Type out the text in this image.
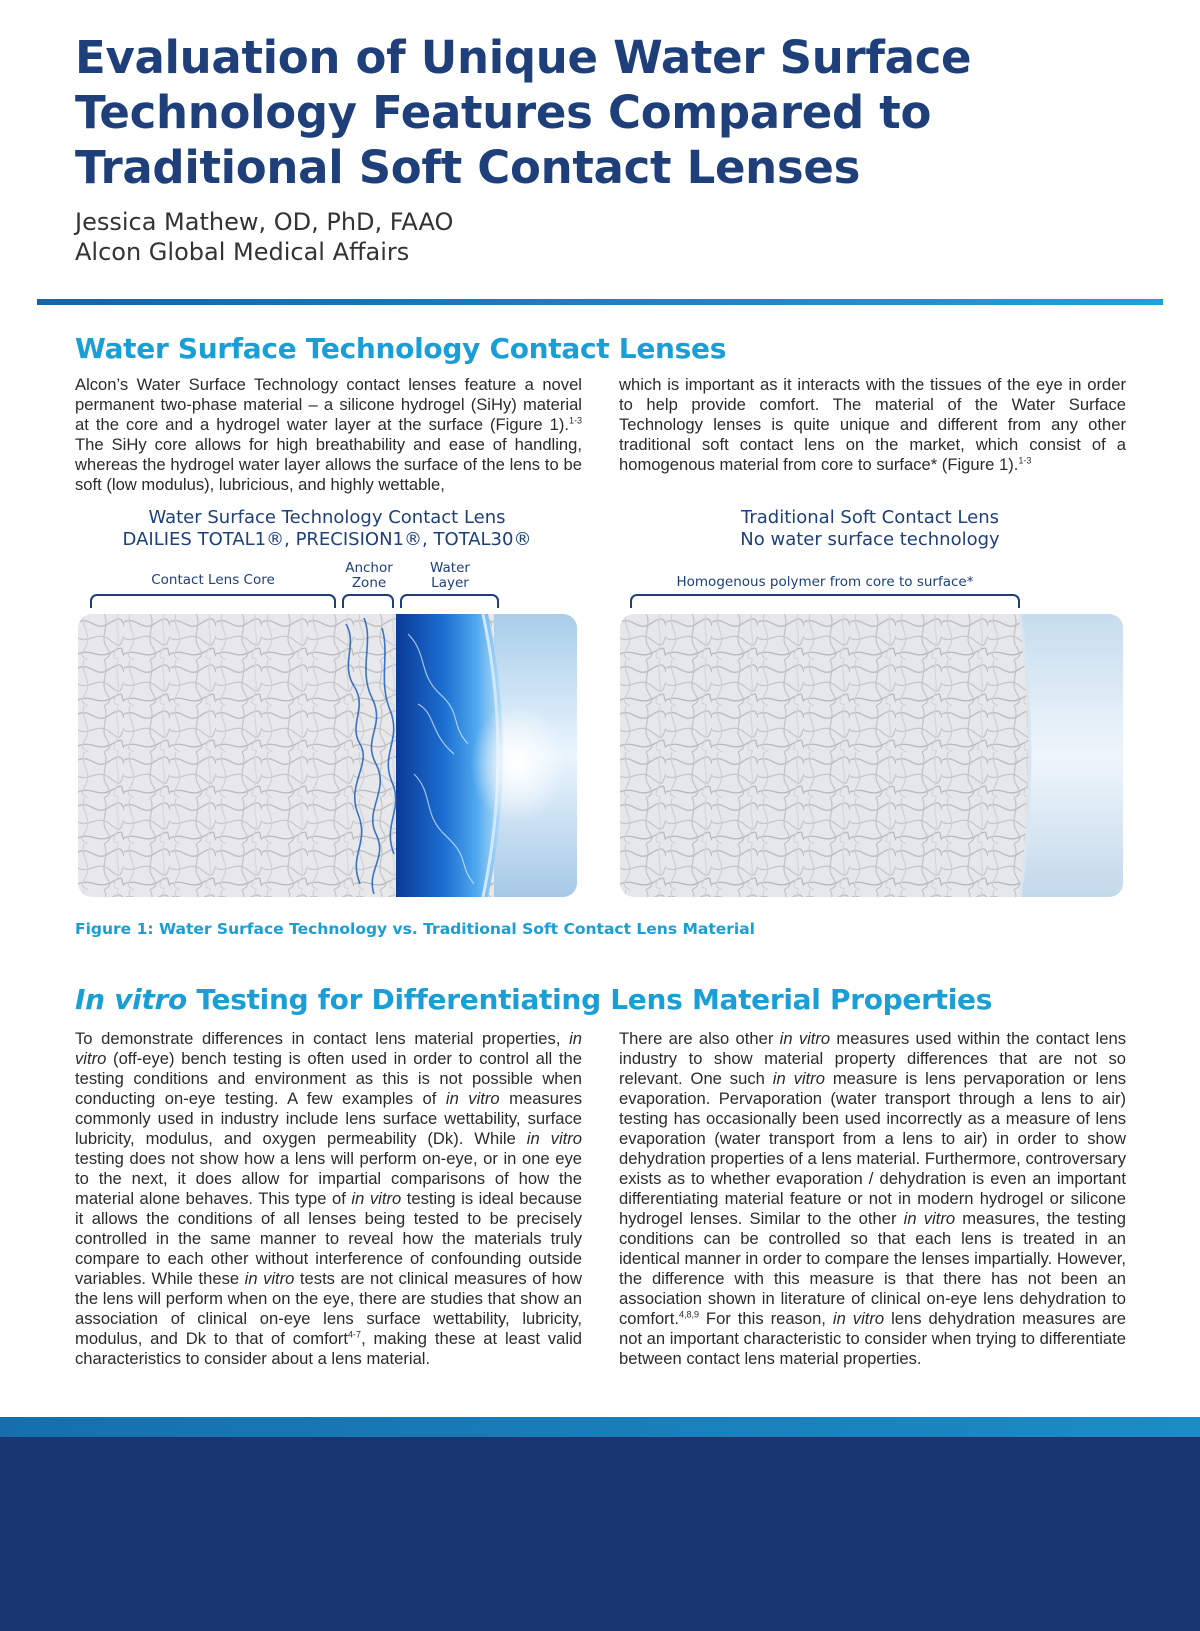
Evaluation of Unique Water Surface Technology Features Compared to Traditional Soft Contact Lenses
Jessica Mathew, OD, PhD, FAAO
Alcon Global Medical Affairs
Water Surface Technology Contact Lenses

Alcon’s Water Surface Technology contact lenses feature a novel permanent two-phase material – a silicone hydrogel (SiHy) material at the core and a hydrogel water layer at the surface (Figure 1).$^{1-3}$ The SiHy core allows for high breathability and ease of handling, whereas the hydrogel water layer allows the surface of the lens to be soft (low modulus), lubricious, and highly wettable,

which is important as it interacts with the tissues of the eye in order to help provide comfort. The material of the Water Surface Technology lenses is quite unique and different from any other traditional soft contact lens on the market, which consist of a homogenous material from core to surface* (Figure 1).$^{1-3}$

Water Surface Technology Contact Lens
DAILIES TOTAL1®, PRECISION1®, TOTAL30®
Traditional Soft Contact Lens
No water surface technology
Contact Lens Core
Anchor
Zone
Water
Layer	Homogenous polymer from core to surface*
Figure 1: Water Surface Technology vs. Traditional Soft Contact Lens Material
In vitro Testing for Differentiating Lens Material Properties

To demonstrate differences in contact lens material properties, in vitro (off-eye) bench testing is often used in order to control all the testing conditions and environment as this is not possible when conducting on-eye testing. A few examples of in vitro measures commonly used in industry include lens surface wettability, surface lubricity, modulus, and oxygen permeability (Dk). While in vitro testing does not show how a lens will perform on-eye, or in one eye to the next, it does allow for impartial comparisons of how the material alone behaves. This type of in vitro testing is ideal because it allows the conditions of all lenses being tested to be precisely controlled in the same manner to reveal how the materials truly compare to each other without interference of confounding outside variables. While these in vitro tests are not clinical measures of how the lens will perform when on the eye, there are studies that show an association of clinical on-eye lens surface wettability, lubricity, modulus, and Dk to that of comfort$^{4-7}$, making these at least valid characteristics to consider about a lens material.

There are also other in vitro measures used within the contact lens industry to show material property differences that are not so relevant. One such in vitro measure is lens pervaporation or lens evaporation. Pervaporation (water transport through a lens to air) testing has occasionally been used incorrectly as a measure of lens evaporation (water transport from a lens to air) in order to show dehydration properties of a lens material. Furthermore, controversary exists as to whether evaporation / dehydration is even an important differentiating material feature or not in modern hydrogel or silicone hydrogel lenses. Similar to the other in vitro measures, the testing conditions can be controlled so that each lens is treated in an identical manner in order to compare the lenses impartially. However, the difference with this measure is that there has not been an association shown in literature of clinical on-eye lens dehydration to comfort.$^{4,8,9}$ For this reason, in vitro lens dehydration measures are not an important characteristic to consider when trying to differentiate between contact lens material properties.
